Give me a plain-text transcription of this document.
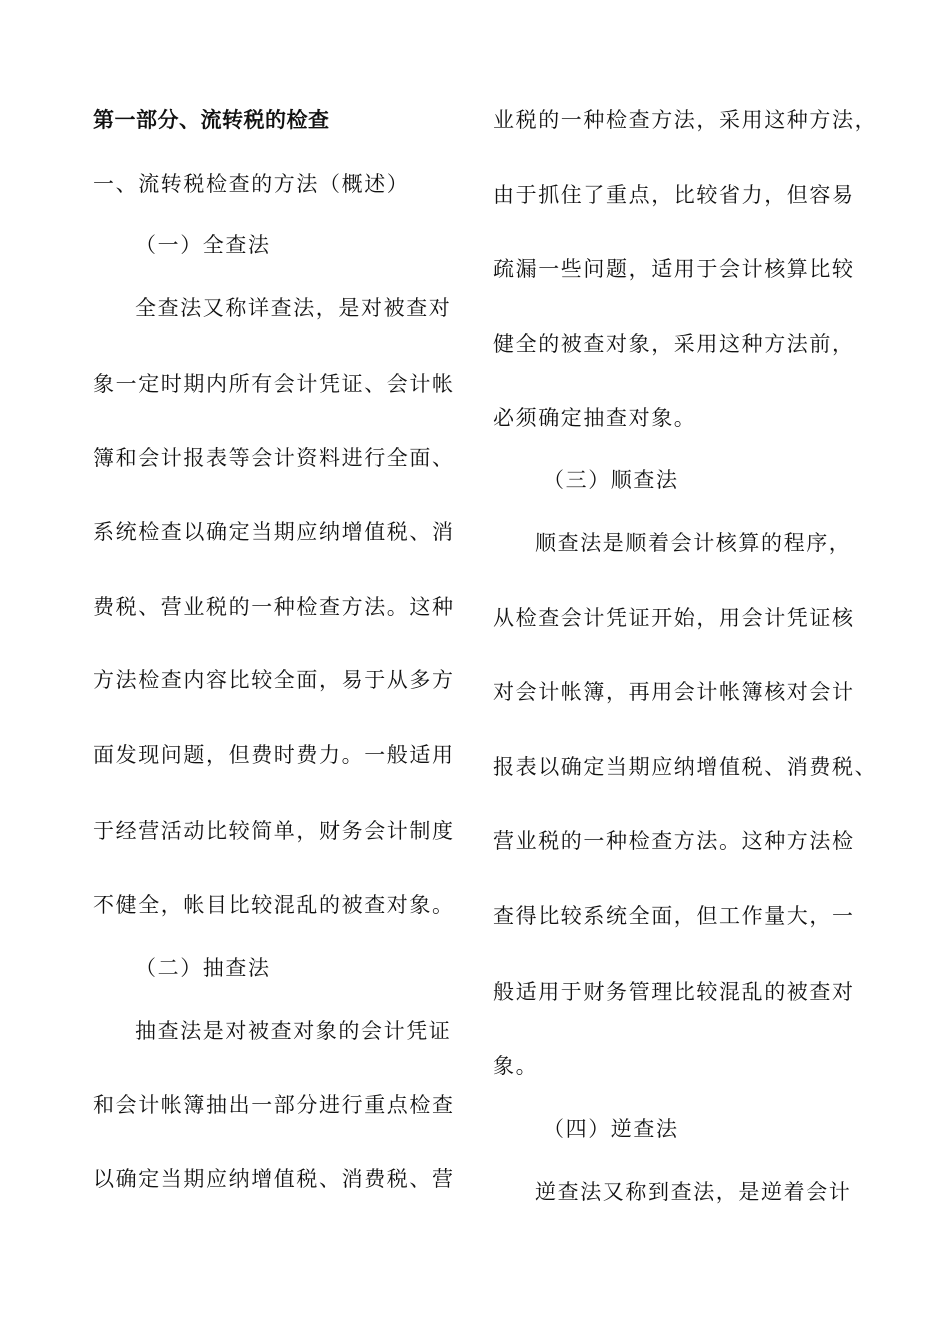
第一部分、流转税的检查
一、流转税检查的方法（概述）
（一）全查法
全查法又称详查法，是对被查对
象一定时期内所有会计凭证、会计帐
簿和会计报表等会计资料进行全面、
系统检查以确定当期应纳增值税、消
费税、营业税的一种检查方法。这种
方法检查内容比较全面，易于从多方
面发现问题，但费时费力。一般适用
于经营活动比较简单，财务会计制度
不健全，帐目比较混乱的被查对象。
（二）抽查法
抽查法是对被查对象的会计凭证
和会计帐簿抽出一部分进行重点检查
以确定当期应纳增值税、消费税、营
业税的一种检查方法，采用这种方法，
由于抓住了重点，比较省力，但容易
疏漏一些问题，适用于会计核算比较
健全的被查对象，采用这种方法前，
必须确定抽查对象。
（三）顺查法
顺查法是顺着会计核算的程序，
从检查会计凭证开始，用会计凭证核
对会计帐簿，再用会计帐簿核对会计
报表以确定当期应纳增值税、消费税、
营业税的一种检查方法。这种方法检
查得比较系统全面，但工作量大，一
般适用于财务管理比较混乱的被查对
象。
（四）逆查法
逆查法又称到查法，是逆着会计
